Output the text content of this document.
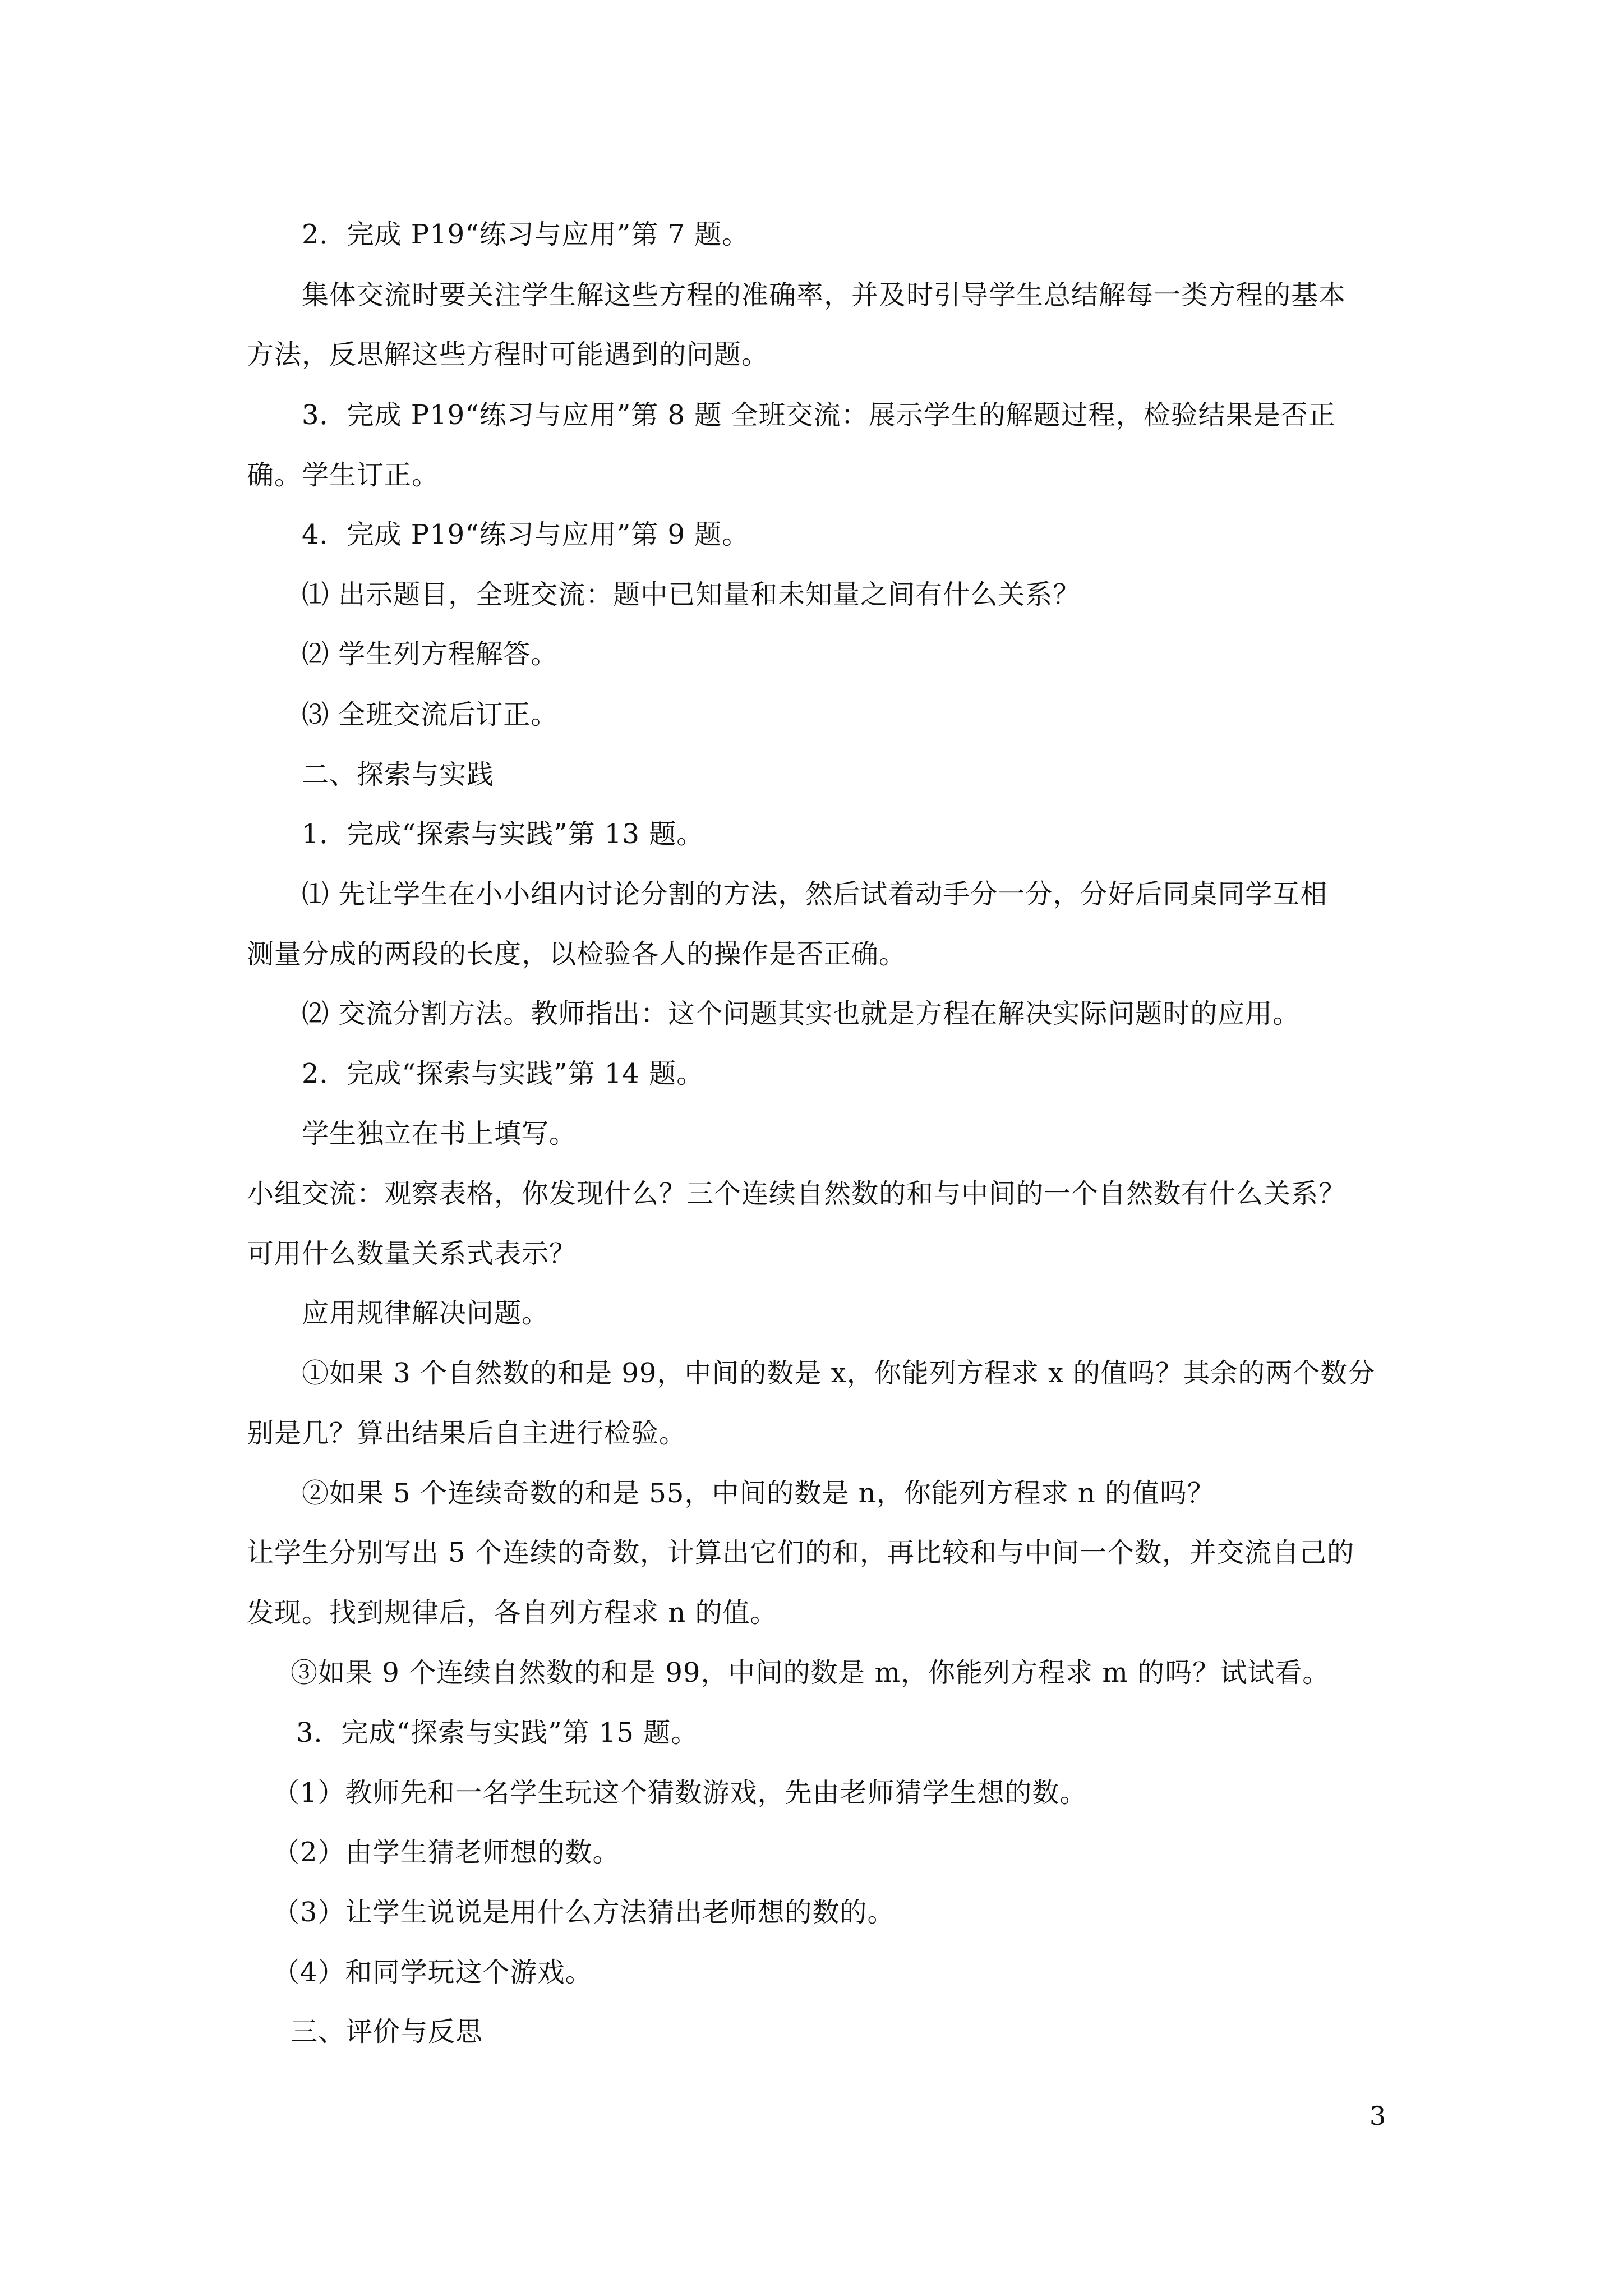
2．完成 P19“练习与应用”第 7 题。
集体交流时要关注学生解这些方程的准确率，并及时引导学生总结解每一类方程的基本
方法，反思解这些方程时可能遇到的问题。
3．完成 P19“练习与应用”第 8 题 全班交流：展示学生的解题过程，检验结果是否正
确。学生订正。
4．完成 P19“练习与应用”第 9 题。
⑴ 出示题目，全班交流：题中已知量和未知量之间有什么关系？
⑵ 学生列方程解答。
⑶ 全班交流后订正。
二、探索与实践
1．完成“探索与实践”第 13 题。
⑴ 先让学生在小小组内讨论分割的方法，然后试着动手分一分，分好后同桌同学互相
测量分成的两段的长度，以检验各人的操作是否正确。
⑵ 交流分割方法。教师指出：这个问题其实也就是方程在解决实际问题时的应用。
2．完成“探索与实践”第 14 题。
学生独立在书上填写。
小组交流：观察表格，你发现什么？三个连续自然数的和与中间的一个自然数有什么关系？
可用什么数量关系式表示？
应用规律解决问题。
①如果 3 个自然数的和是 99，中间的数是 x，你能列方程求 x 的值吗？其余的两个数分
别是几？算出结果后自主进行检验。
②如果 5 个连续奇数的和是 55，中间的数是 n，你能列方程求 n 的值吗？
让学生分别写出 5 个连续的奇数，计算出它们的和，再比较和与中间一个数，并交流自己的
发现。找到规律后，各自列方程求 n 的值。
③如果 9 个连续自然数的和是 99，中间的数是 m，你能列方程求 m 的吗？试试看。
3．完成“探索与实践”第 15 题。
（1）教师先和一名学生玩这个猜数游戏，先由老师猜学生想的数。
（2）由学生猜老师想的数。
（3）让学生说说是用什么方法猜出老师想的数的。
（4）和同学玩这个游戏。
三、评价与反思
3
